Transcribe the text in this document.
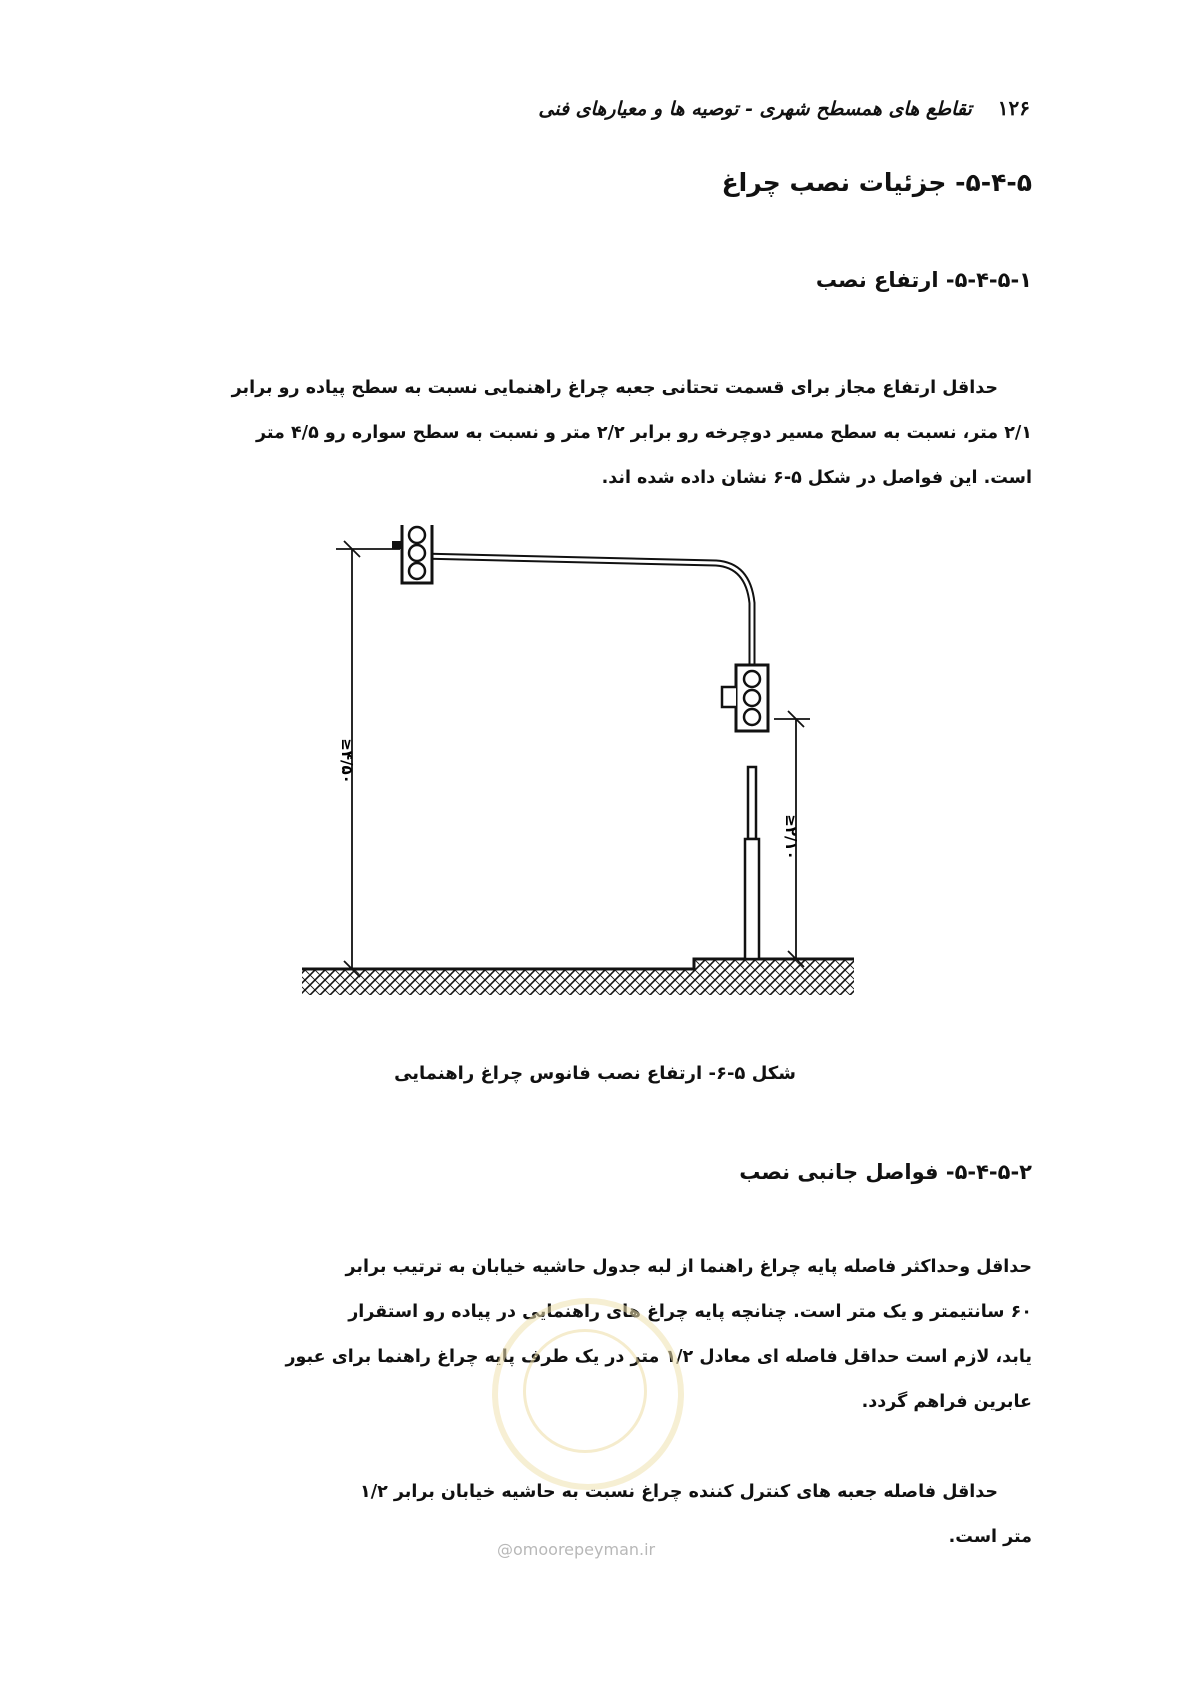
۱۲۶
تقاطع های همسطح شهری - توصیه ها و معیارهای فنی
۵-۴-۵- جزئیات نصب چراغ
۵-۴-۵-۱- ارتفاع نصب
حداقل ارتفاع مجاز برای قسمت تحتانی جعبه چراغ راهنمایی نسبت به سطح پیاده رو برابر
۲/۱ متر، نسبت به سطح مسیر دوچرخه رو برابر ۲/۲ متر و نسبت به سطح سواره رو ۴/۵ متر
است. این فواصل در شکل ۵-۶ نشان داده شده اند.
≥۴/۵۰
≥۲/۱۰
شکل ۵-۶- ارتفاع نصب فانوس چراغ راهنمایی
۵-۴-۵-۲- فواصل جانبی نصب
حداقل وحداکثر فاصله پایه چراغ راهنما از لبه جدول حاشیه خیابان به ترتیب برابر
۶۰ سانتیمتر و یک متر است. چنانچه پایه چراغ های راهنمایی در پیاده رو استقرار
یابد، لازم است حداقل فاصله ای معادل ۱/۲ متر در یک طرف پایه چراغ راهنما برای عبور
عابرین فراهم گردد.
حداقل فاصله جعبه های کنترل کننده چراغ نسبت به حاشیه خیابان برابر ۱/۲
متر است.
@omoorepeyman.ir
